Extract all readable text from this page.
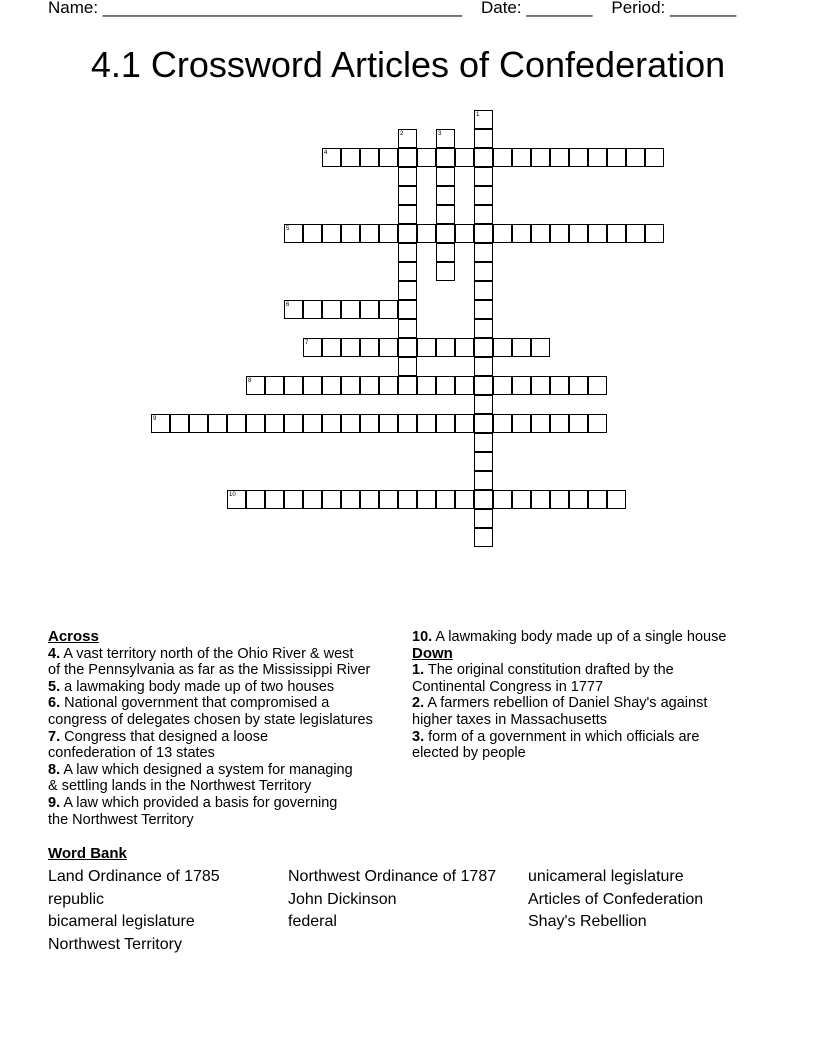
Name: ______________________________________    Date: _______    Period: _______
4.1 Crossword Articles of Confederation
1
2	3
4
5
6
7
8
9
10
Across
4. A vast territory north of the Ohio River & west
of the Pennsylvania as far as the Mississippi River
5. a lawmaking body made up of two houses
6. National government that compromised a
congress of delegates chosen by state legislatures
7. Congress that designed a loose
confederation of 13 states
8. A law which designed a system for managing
& settling lands in the Northwest Territory
9. A law which provided a basis for governing
the Northwest Territory
10. A lawmaking body made up of a single house
Down
1. The original constitution drafted by the
Continental Congress in 1777
2. A farmers rebellion of Daniel Shay's against
higher taxes in Massachusetts
3. form of a government in which officials are
elected by people
Word Bank
Land Ordinance of 1785	Northwest Ordinance of 1787	unicameral legislature
republic	John Dickinson	Articles of Confederation
bicameral legislature	federal	Shay's Rebellion
Northwest Territory
